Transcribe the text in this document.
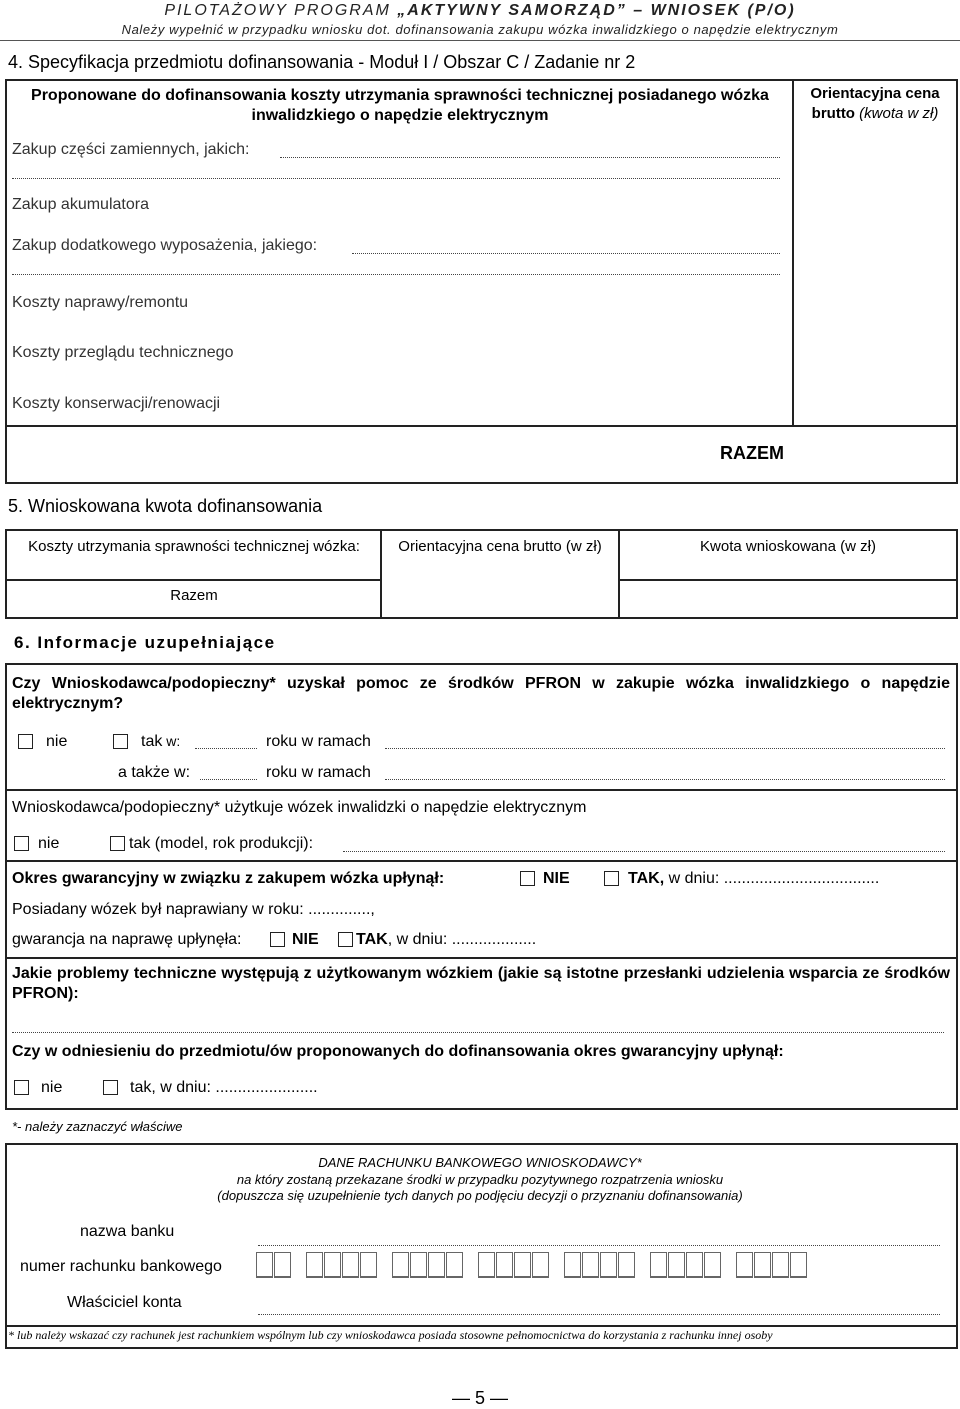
PILOTAŻOWY PROGRAM „AKTYWNY SAMORZĄD” – WNIOSEK (P/O)
Należy wypełnić w przypadku wniosku dot. dofinansowania zakupu wózka inwalidzkiego o napędzie elektrycznym
4. Specyfikacja przedmiotu dofinansowania - Moduł I / Obszar C / Zadanie nr 2
Proponowane do dofinansowania koszty utrzymania sprawności technicznej posiadanego wózka inwalidzkiego o napędzie elektrycznym
Orientacyjna cena brutto (kwota w zł)
Zakup części zamiennych, jakich:
Zakup akumulatora
Zakup dodatkowego wyposażenia, jakiego:
Koszty naprawy/remontu
Koszty przeglądu technicznego
Koszty konserwacji/renowacji
RAZEM
5. Wnioskowana kwota dofinansowania
Koszty utrzymania sprawności technicznej wózka:	Orientacyjna cena brutto (w zł)	Kwota wnioskowana (w zł)
Razem
6. Informacje uzupełniające
Czy Wnioskodawca/podopieczny* uzyskał pomoc ze środków PFRON w zakupie wózka inwalidzkiego o napędzie elektrycznym?
nie	tak w:	roku w ramach
a także w:	roku w ramach
Wnioskodawca/podopieczny* użytkuje wózek inwalidzki o napędzie elektrycznym
nie	tak (model, rok produkcji):
Okres gwarancyjny w związku z zakupem wózka upłynął:	NIE	TAK, w dniu: ...................................
Posiadany wózek był naprawiany w roku: ..............,
gwarancja na naprawę upłynęła:	NIE TAK, w dniu: ...................
Jakie problemy techniczne występują z użytkowanym wózkiem (jakie są istotne przesłanki udzielenia wsparcia ze środków PFRON):
Czy w odniesieniu do przedmiotu/ów proponowanych do dofinansowania okres gwarancyjny upłynął:
nie	tak, w dniu: .......................
*- należy zaznaczyć właściwe
DANE RACHUNKU BANKOWEGO WNIOSKODAWCY*
na który zostaną przekazane środki w przypadku pozytywnego rozpatrzenia wniosku
(dopuszcza się uzupełnienie tych danych po podjęciu decyzji o przyznaniu dofinansowania)
nazwa banku
numer rachunku bankowego
Właściciel konta
* lub należy wskazać czy rachunek jest rachunkiem wspólnym lub czy wnioskodawca posiada stosowne pełnomocnictwa do korzystania z rachunku innej osoby
— 5 —
